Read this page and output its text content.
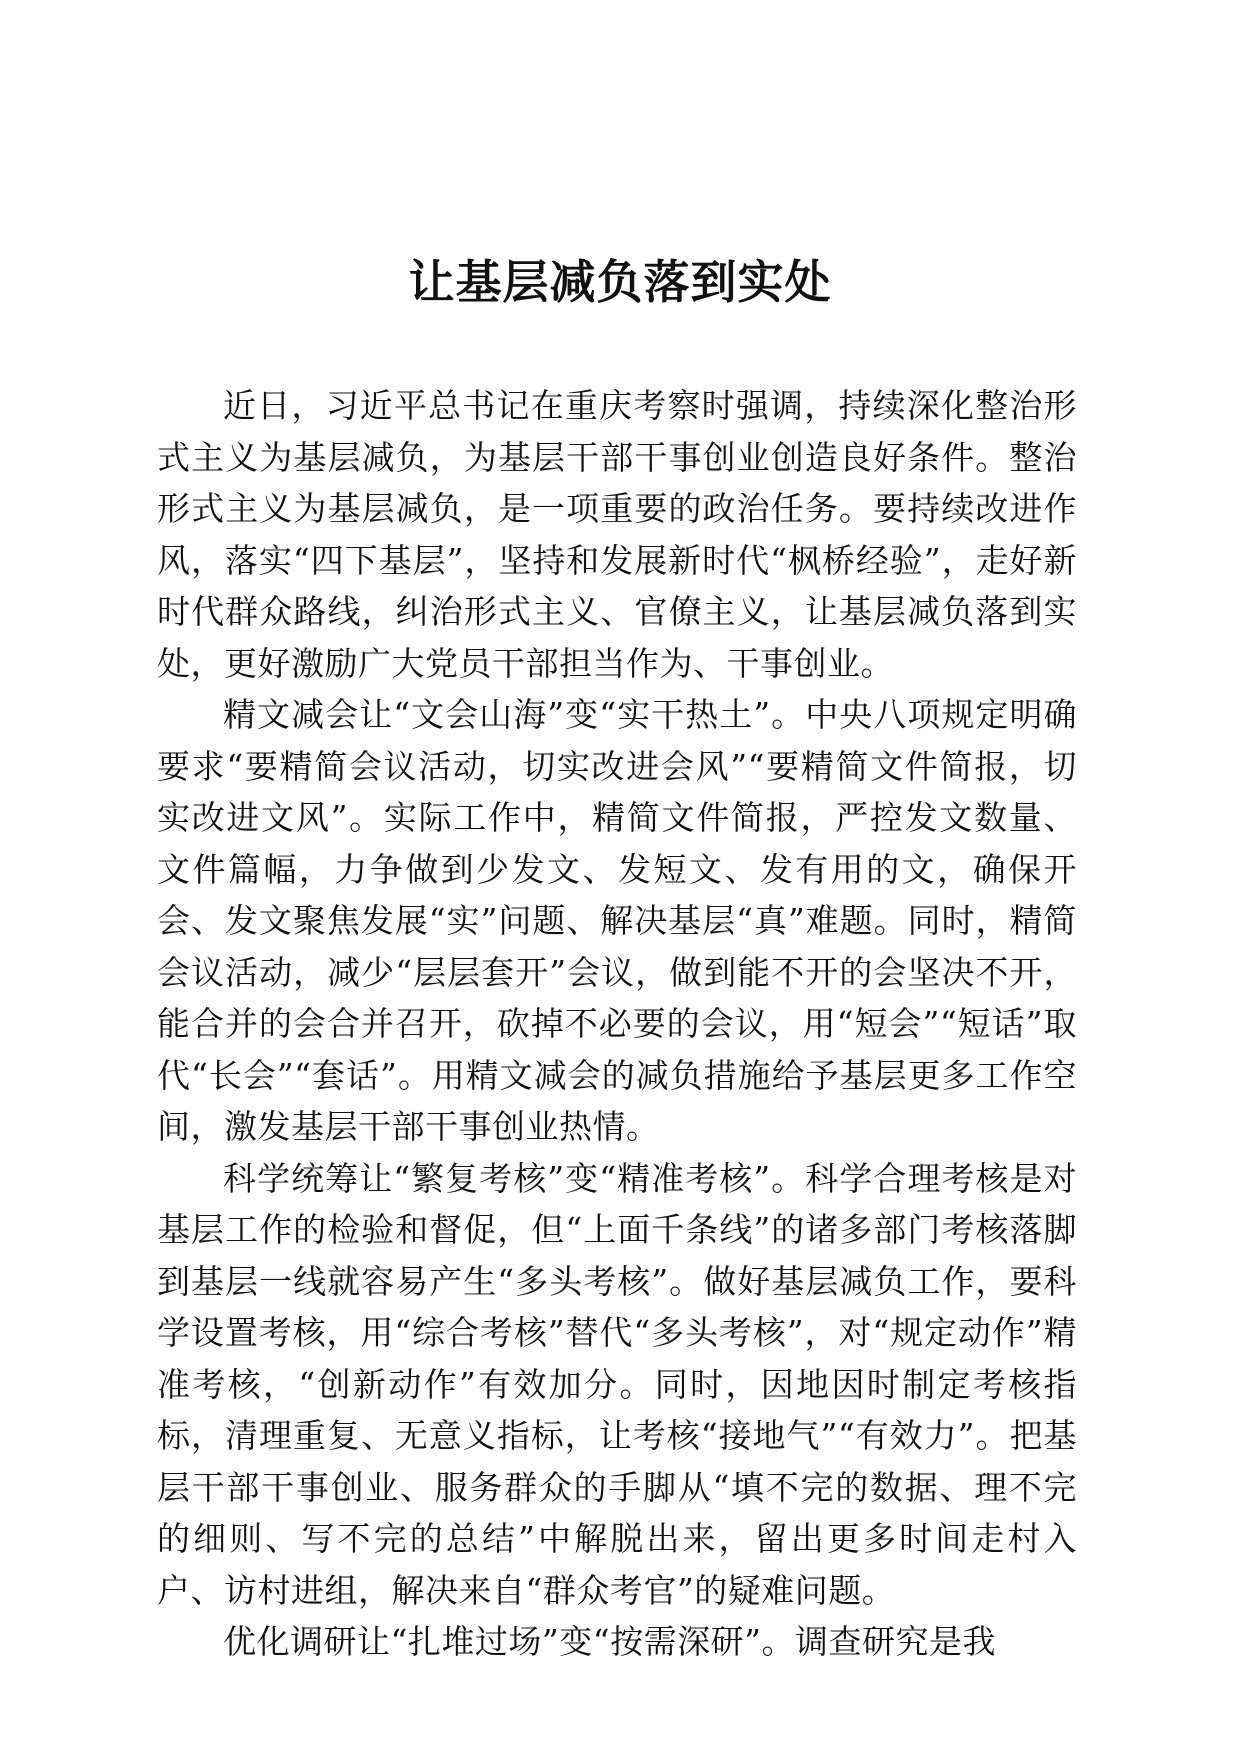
让基层减负落到实处

近日，习近平总书记在重庆考察时强调，持续深化整治形式主义为基层减负，为基层干部干事创业创造良好条件。整治形式主义为基层减负，是一项重要的政治任务。要持续改进作风，落实“四下基层”，坚持和发展新时代“枫桥经验”，走好新时代群众路线，纠治形式主义、官僚主义，让基层减负落到实处，更好激励广大党员干部担当作为、干事创业。

精文减会让“文会山海”变“实干热土”。中央八项规定明确要求“要精简会议活动，切实改进会风”“要精简文件简报，切实改进文风”。实际工作中，精简文件简报，严控发文数量、文件篇幅，力争做到少发文、发短文、发有用的文，确保开会、发文聚焦发展“实”问题、解决基层“真”难题。同时，精简会议活动，减少“层层套开”会议，做到能不开的会坚决不开，能合并的会合并召开，砍掉不必要的会议，用“短会”“短话”取代“长会”“套话”。用精文减会的减负措施给予基层更多工作空间，激发基层干部干事创业热情。

科学统筹让“繁复考核”变“精准考核”。科学合理考核是对基层工作的检验和督促，但“上面千条线”的诸多部门考核落脚到基层一线就容易产生“多头考核”。做好基层减负工作，要科学设置考核，用“综合考核”替代“多头考核”，对“规定动作”精准考核，“创新动作”有效加分。同时，因地因时制定考核指标，清理重复、无意义指标，让考核“接地气”“有效力”。把基层干部干事创业、服务群众的手脚从“填不完的数据、理不完的细则、写不完的总结”中解脱出来，留出更多时间走村入户、访村进组，解决来自“群众考官”的疑难问题。

优化调研让“扎堆过场”变“按需深研”。调查研究是我
